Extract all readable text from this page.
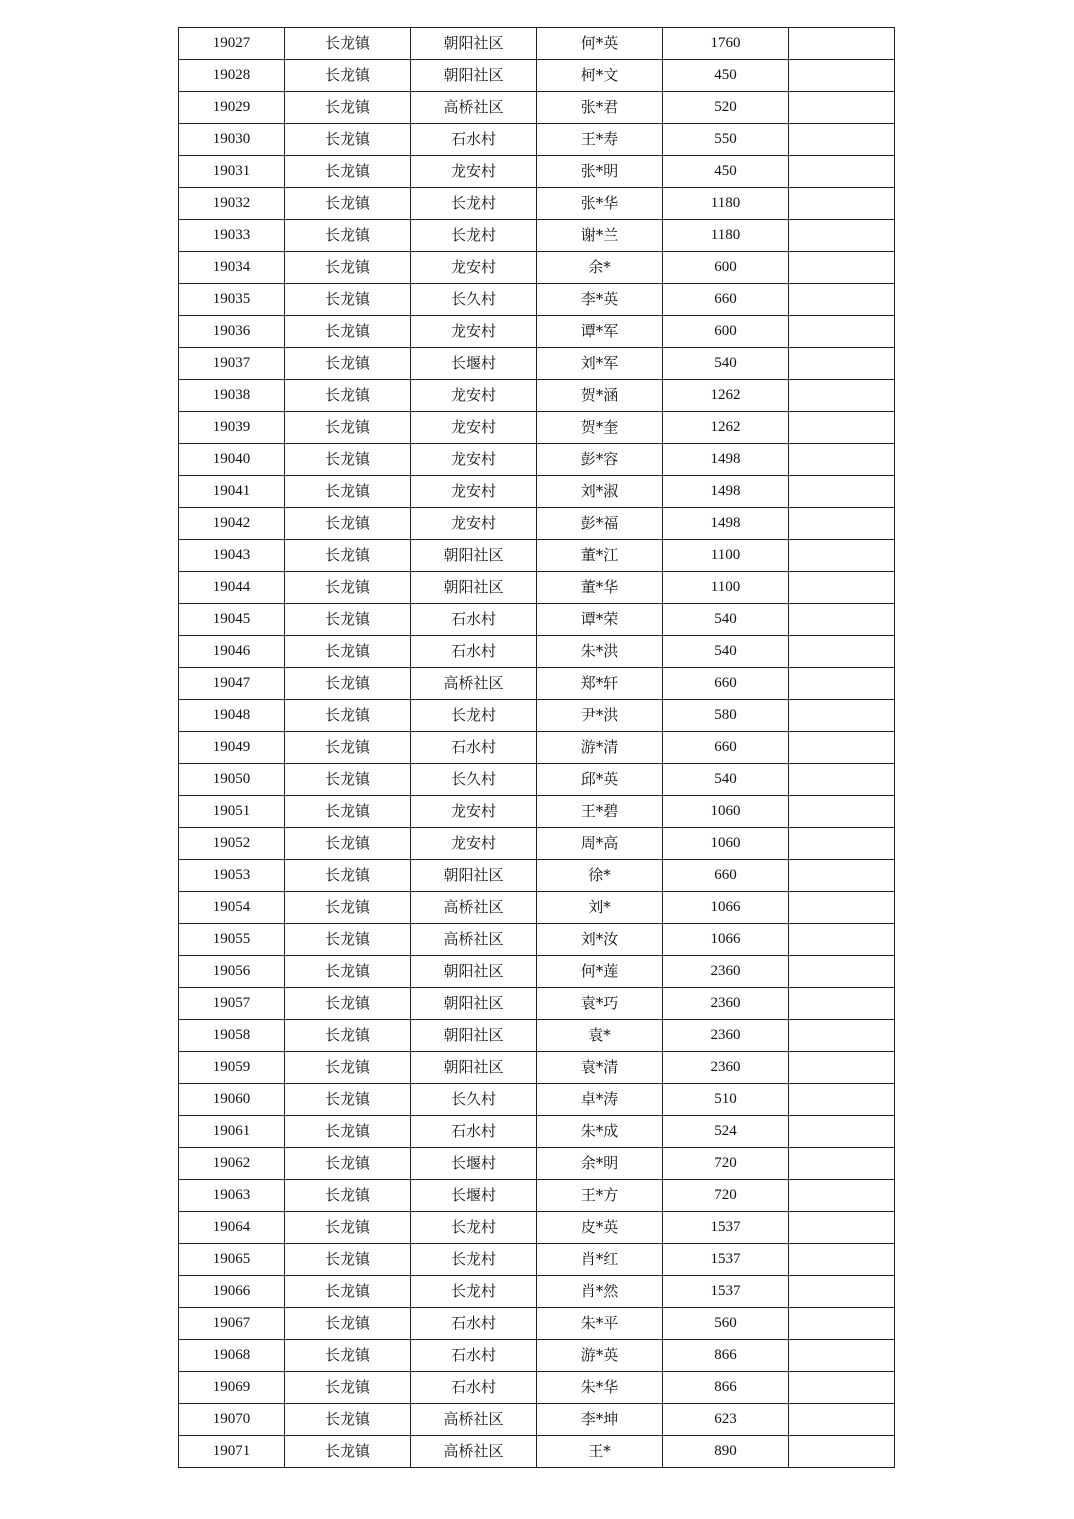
19027	长龙镇	朝阳社区	何*英	1760	
19028	长龙镇	朝阳社区	柯*文	450	
19029	长龙镇	高桥社区	张*君	520	
19030	长龙镇	石水村	王*寿	550	
19031	长龙镇	龙安村	张*明	450	
19032	长龙镇	长龙村	张*华	1180	
19033	长龙镇	长龙村	谢*兰	1180	
19034	长龙镇	龙安村	余*	600	
19035	长龙镇	长久村	李*英	660	
19036	长龙镇	龙安村	谭*军	600	
19037	长龙镇	长堰村	刘*军	540	
19038	长龙镇	龙安村	贺*涵	1262	
19039	长龙镇	龙安村	贺*奎	1262	
19040	长龙镇	龙安村	彭*容	1498	
19041	长龙镇	龙安村	刘*淑	1498	
19042	长龙镇	龙安村	彭*福	1498	
19043	长龙镇	朝阳社区	董*江	1100	
19044	长龙镇	朝阳社区	董*华	1100	
19045	长龙镇	石水村	谭*荣	540	
19046	长龙镇	石水村	朱*洪	540	
19047	长龙镇	高桥社区	郑*轩	660	
19048	长龙镇	长龙村	尹*洪	580	
19049	长龙镇	石水村	游*清	660	
19050	长龙镇	长久村	邱*英	540	
19051	长龙镇	龙安村	王*碧	1060	
19052	长龙镇	龙安村	周*高	1060	
19053	长龙镇	朝阳社区	徐*	660	
19054	长龙镇	高桥社区	刘*	1066	
19055	长龙镇	高桥社区	刘*汝	1066	
19056	长龙镇	朝阳社区	何*莲	2360	
19057	长龙镇	朝阳社区	袁*巧	2360	
19058	长龙镇	朝阳社区	袁*	2360	
19059	长龙镇	朝阳社区	袁*清	2360	
19060	长龙镇	长久村	卓*涛	510	
19061	长龙镇	石水村	朱*成	524	
19062	长龙镇	长堰村	余*明	720	
19063	长龙镇	长堰村	王*方	720	
19064	长龙镇	长龙村	皮*英	1537	
19065	长龙镇	长龙村	肖*红	1537	
19066	长龙镇	长龙村	肖*然	1537	
19067	长龙镇	石水村	朱*平	560	
19068	长龙镇	石水村	游*英	866	
19069	长龙镇	石水村	朱*华	866	
19070	长龙镇	高桥社区	李*坤	623	
19071	长龙镇	高桥社区	王*	890	
